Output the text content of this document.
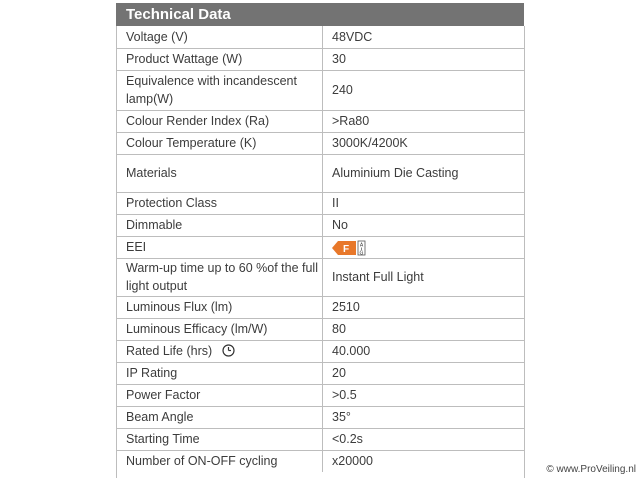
Technical Data
Voltage (V)	48VDC
Product Wattage (W)	30
Equivalence with incandescent lamp(W)	240
Colour Render Index (Ra)	>Ra80
Colour Temperature (K)	3000K/4200K
Materials	Aluminium Die Casting
Protection Class	II
Dimmable	No
EEI	F A
G

Warm-up time up to 60 %of the full light output	Instant Full Light
Luminous Flux (lm)	2510
Luminous Efficacy (lm/W)	80
Rated Life (hrs)	40.000
IP Rating	20
Power Factor	>0.5
Beam Angle	35°
Starting Time	<0.2s
Number of ON-OFF cycling	x20000
© www.ProVeiling.nl
